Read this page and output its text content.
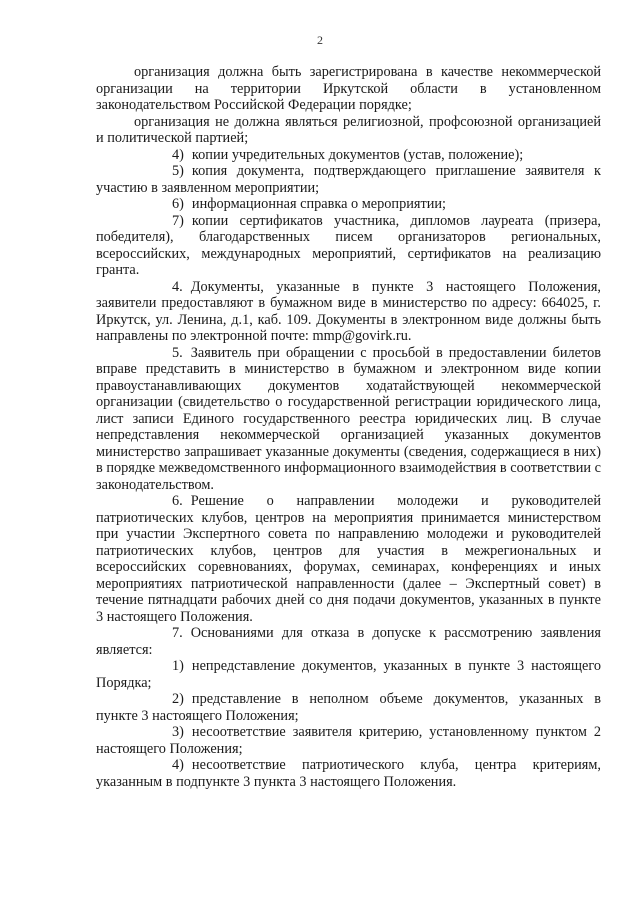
2

организация должна быть зарегистрирована в качестве некоммерческой организации на территории Иркутской области в установленном законодательством Российской Федерации порядке;

организация не должна являться религиозной, профсоюзной организацией и политической партией;

4) копии учредительных документов (устав, положение);

5) копия документа, подтверждающего приглашение заявителя к участию в заявленном мероприятии;

6) информационная справка о мероприятии;

7) копии сертификатов участника, дипломов лауреата (призера, победителя), благодарственных писем организаторов региональных, всероссийских, международных мероприятий, сертификатов на реализацию гранта.

4. Документы, указанные в пункте 3 настоящего Положения, заявители предоставляют в бумажном виде в министерство по адресу: 664025, г. Иркутск, ул. Ленина, д.1, каб. 109. Документы в электронном виде должны быть направлены по электронной почте: mmp@govirk.ru.

5. Заявитель при обращении с просьбой в предоставлении билетов вправе представить в министерство в бумажном и электронном виде копии правоустанавливающих документов ходатайствующей некоммерческой организации (свидетельство о государственной регистрации юридического лица, лист записи Единого государственного реестра юридических лиц. В случае непредставления некоммерческой организацией указанных документов министерство запрашивает указанные документы (сведения, содержащиеся в них) в порядке межведомственного информационного взаимодействия в соответствии с законодательством.

6. Решение о направлении молодежи и руководителей патриотических клубов, центров на мероприятия принимается министерством при участии Экспертного совета по направлению молодежи и руководителей патриотических клубов, центров для участия в межрегиональных и всероссийских соревнованиях, форумах, семинарах, конференциях и иных мероприятиях патриотической направленности (далее – Экспертный совет) в течение пятнадцати рабочих дней со дня подачи документов, указанных в пункте 3 настоящего Положения.

7. Основаниями для отказа в допуске к рассмотрению заявления является:

1) непредставление документов, указанных в пункте 3 настоящего Порядка;

2) представление в неполном объеме документов, указанных в пункте 3 настоящего Положения;

3) несоответствие заявителя критерию, установленному пунктом 2 настоящего Положения;

4) несоответствие патриотического клуба, центра критериям, указанным в подпункте 3 пункта 3 настоящего Положения.
